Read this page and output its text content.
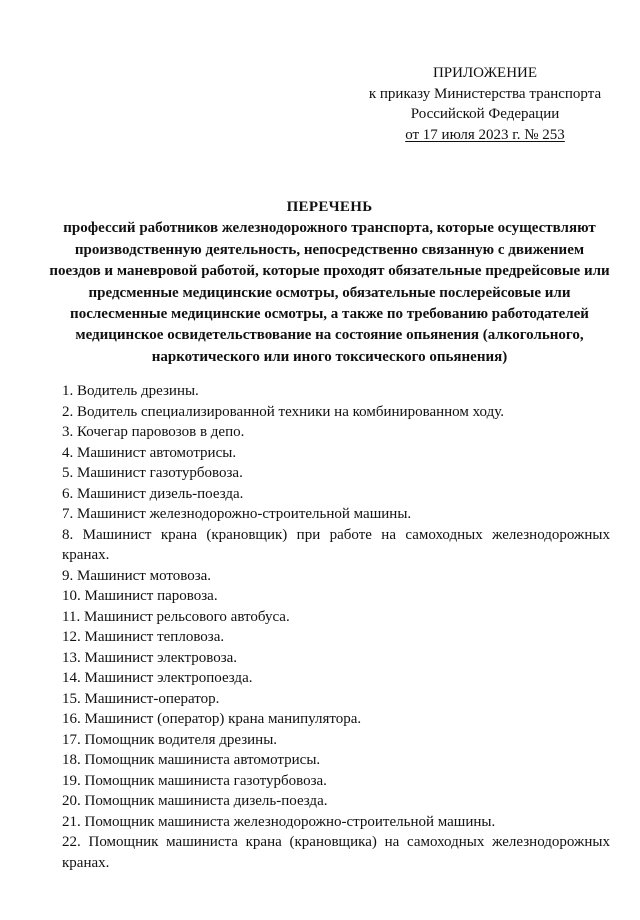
ПРИЛОЖЕНИЕ
к приказу Министерства транспорта
Российской Федерации
от 17 июля 2023 г. № 253
ПЕРЕЧЕНЬ
профессий работников железнодорожного транспорта, которые осуществляют производственную деятельность, непосредственно связанную с движением поездов и маневровой работой, которые проходят обязательные предрейсовые или предсменные медицинские осмотры, обязательные послерейсовые или послесменные медицинские осмотры, а также по требованию работодателей медицинское освидетельствование на состояние опьянения (алкогольного, наркотического или иного токсического опьянения)
1. Водитель дрезины.
2. Водитель специализированной техники на комбинированном ходу.
3. Кочегар паровозов в депо.
4. Машинист автомотрисы.
5. Машинист газотурбовоза.
6. Машинист дизель-поезда.
7. Машинист железнодорожно-строительной машины.
8. Машинист крана (крановщик) при работе на самоходных железнодорожных кранах.
9. Машинист мотовоза.
10. Машинист паровоза.
11. Машинист рельсового автобуса.
12. Машинист тепловоза.
13. Машинист электровоза.
14. Машинист электропоезда.
15. Машинист-оператор.
16. Машинист (оператор) крана манипулятора.
17. Помощник водителя дрезины.
18. Помощник машиниста автомотрисы.
19. Помощник машиниста газотурбовоза.
20. Помощник машиниста дизель-поезда.
21. Помощник машиниста железнодорожно-строительной машины.
22. Помощник машиниста крана (крановщика) на самоходных железнодорожных кранах.
